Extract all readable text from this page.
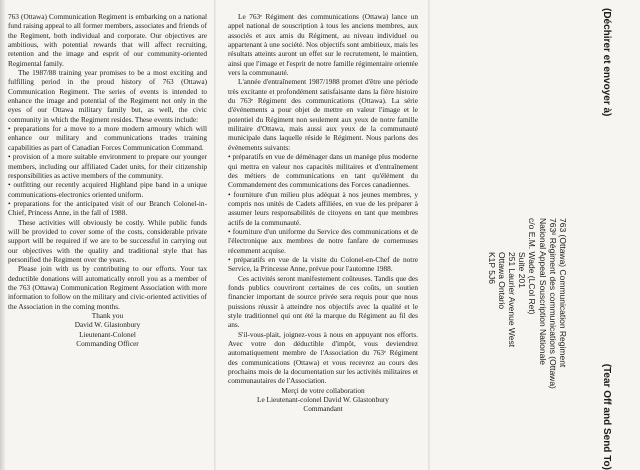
763 (Ottawa) Communication Regiment is embarking on a national fund raising appeal to all former members, associates and friends of the Regiment, both individual and corporate. Our objectives are ambitious, with potential rewards that will affect recruiting, retention and the image and esprit of our community-oriented Regimental family.

The 1987/88 training year promises to be a most exciting and fulfilling period in the proud history of 763 (Ottawa) Communication Regiment. The series of events is intended to enhance the image and potential of the Regiment not only in the eyes of our Ottawa military family but, as well, the civic community in which the Regiment resides. These events include:

• preparations for a move to a more modern armoury which will enhance our military and communications trades training capabilities as part of Canadian Forces Communication Command.

• provision of a more suitable environment to prepare our younger members, including our affiliated Cadet units, for their citizenship responsibilities as active members of the community.

• outfitting our recently acquired Highland pipe band in a unique communications-electronics oriented uniform.

• preparations for the anticipated visit of our Branch Colonel-in-Chief, Princess Anne, in the fall of 1988.

These activities will obviously be costly. While public funds will be provided to cover some of the costs, considerable private support will be required if we are to be successful in carrying out our objectives with the quality and traditional style that has personified the Regiment over the years.

Please join with us by contributing to our efforts. Your tax deductible donations will automatically enroll you as a member of the 763 (Ottawa) Communication Regiment Association with more information to follow on the military and civic-oriented activities of the Association in the coming months.

Thank you

David W. Glastonbury

Lieutenant-Colonel

Commanding Officer

Le 763ᵉ Régiment des communications (Ottawa) lance un appel national de souscription à tous les anciens membres, aux associés et aux amis du Régiment, au niveau individuel ou appartenant à une société. Nos objectifs sont ambitieux, mais les résultats atteints auront un effet sur le recrutement, le maintien, ainsi que l'image et l'esprit de notre famille régimentaire orientée vers la communauté.

L'année d'entraînement 1987/1988 promet d'être une période très excitante et profondément satisfaisante dans la fière histoire du 763ᵉ Régiment des communications (Ottawa). La série d'événements a pour objet de mettre en valeur l'image et le potentiel du Régiment non seulement aux yeux de notre famille militaire d'Ottawa, mais aussi aux yeux de la communauté municipale dans laquelle réside le Régiment. Nous parlons des événements suivants:

• préparatifs en vue de déménager dans un manège plus moderne qui mettra en valeur nos capacités militaires et d'entraînement des métiers de communications en tant qu'élément du Commandement des communications des Forces canadiennes.

• fourniture d'un milieu plus adéquat à nos jeunes membres, y compris nos unités de Cadets affiliées, en vue de les préparer à assumer leurs responsabilités de citoyens en tant que membres actifs de la communauté.

• fourniture d'un uniforme du Service des communications et de l'électronique aux membres de notre fanfare de cornemuses récemment acquise.

• préparatifs en vue de la visite du Colonel-en-Chef de notre Service, la Princesse Anne, prévue pour l'automne 1988.

Ces activités seront manifestement coûteuses. Tandis que des fonds publics couvriront certaines de ces coûts, un soutien financier important de source privée sera requis pour que nous puissions réussir à atteindre nos objectifs avec la qualité et le style traditionnel qui ont été la marque du Régiment au fil des ans.

S'il-vous-plait, joignez-vous à nous en appuyant nos efforts. Avec votre don déductible d'impôt, vous deviendrez automatiquement membre de l'Association du 763ᵉ Régiment des communications (Ottawa) et vous recevrez au cours des prochains mois de la documentation sur les activités militaires et communautaires de l'Association.

Merçi de votre collaboration

Le Lieutenant-colonel David W. Glastonbury

Commandant

(Déchirer et envoyer à)
(Tear Off and Send To)
763 (Ottawa) Communication Regiment
763ᵉ Régiment des communications (Ottawa)
National Appeal Souscription Nationale
c/o E.M. Wade (LCol Ret)
Suite 201
251 Laurier Avenue West
Ottawa Ontario
K1P 5J6
